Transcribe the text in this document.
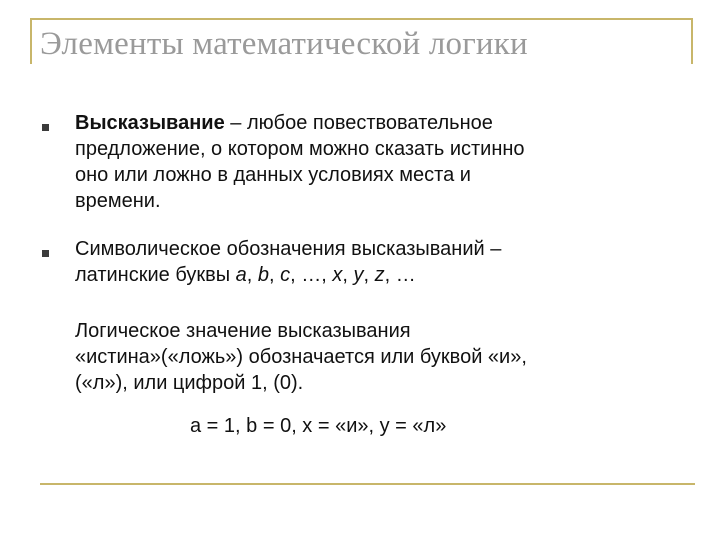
Элементы математической логики
Высказывание – любое повествовательное
предложение, о котором можно сказать истинно
оно или ложно в данных условиях места и
времени.
Символическое обозначения высказываний –
латинские буквы a, b, c, …, x, y, z, …
Логическое значение высказывания
«истина»(«ложь») обозначается или буквой «и»,
(«л»), или цифрой 1, (0).
a = 1, b = 0, x = «и», y = «л»
